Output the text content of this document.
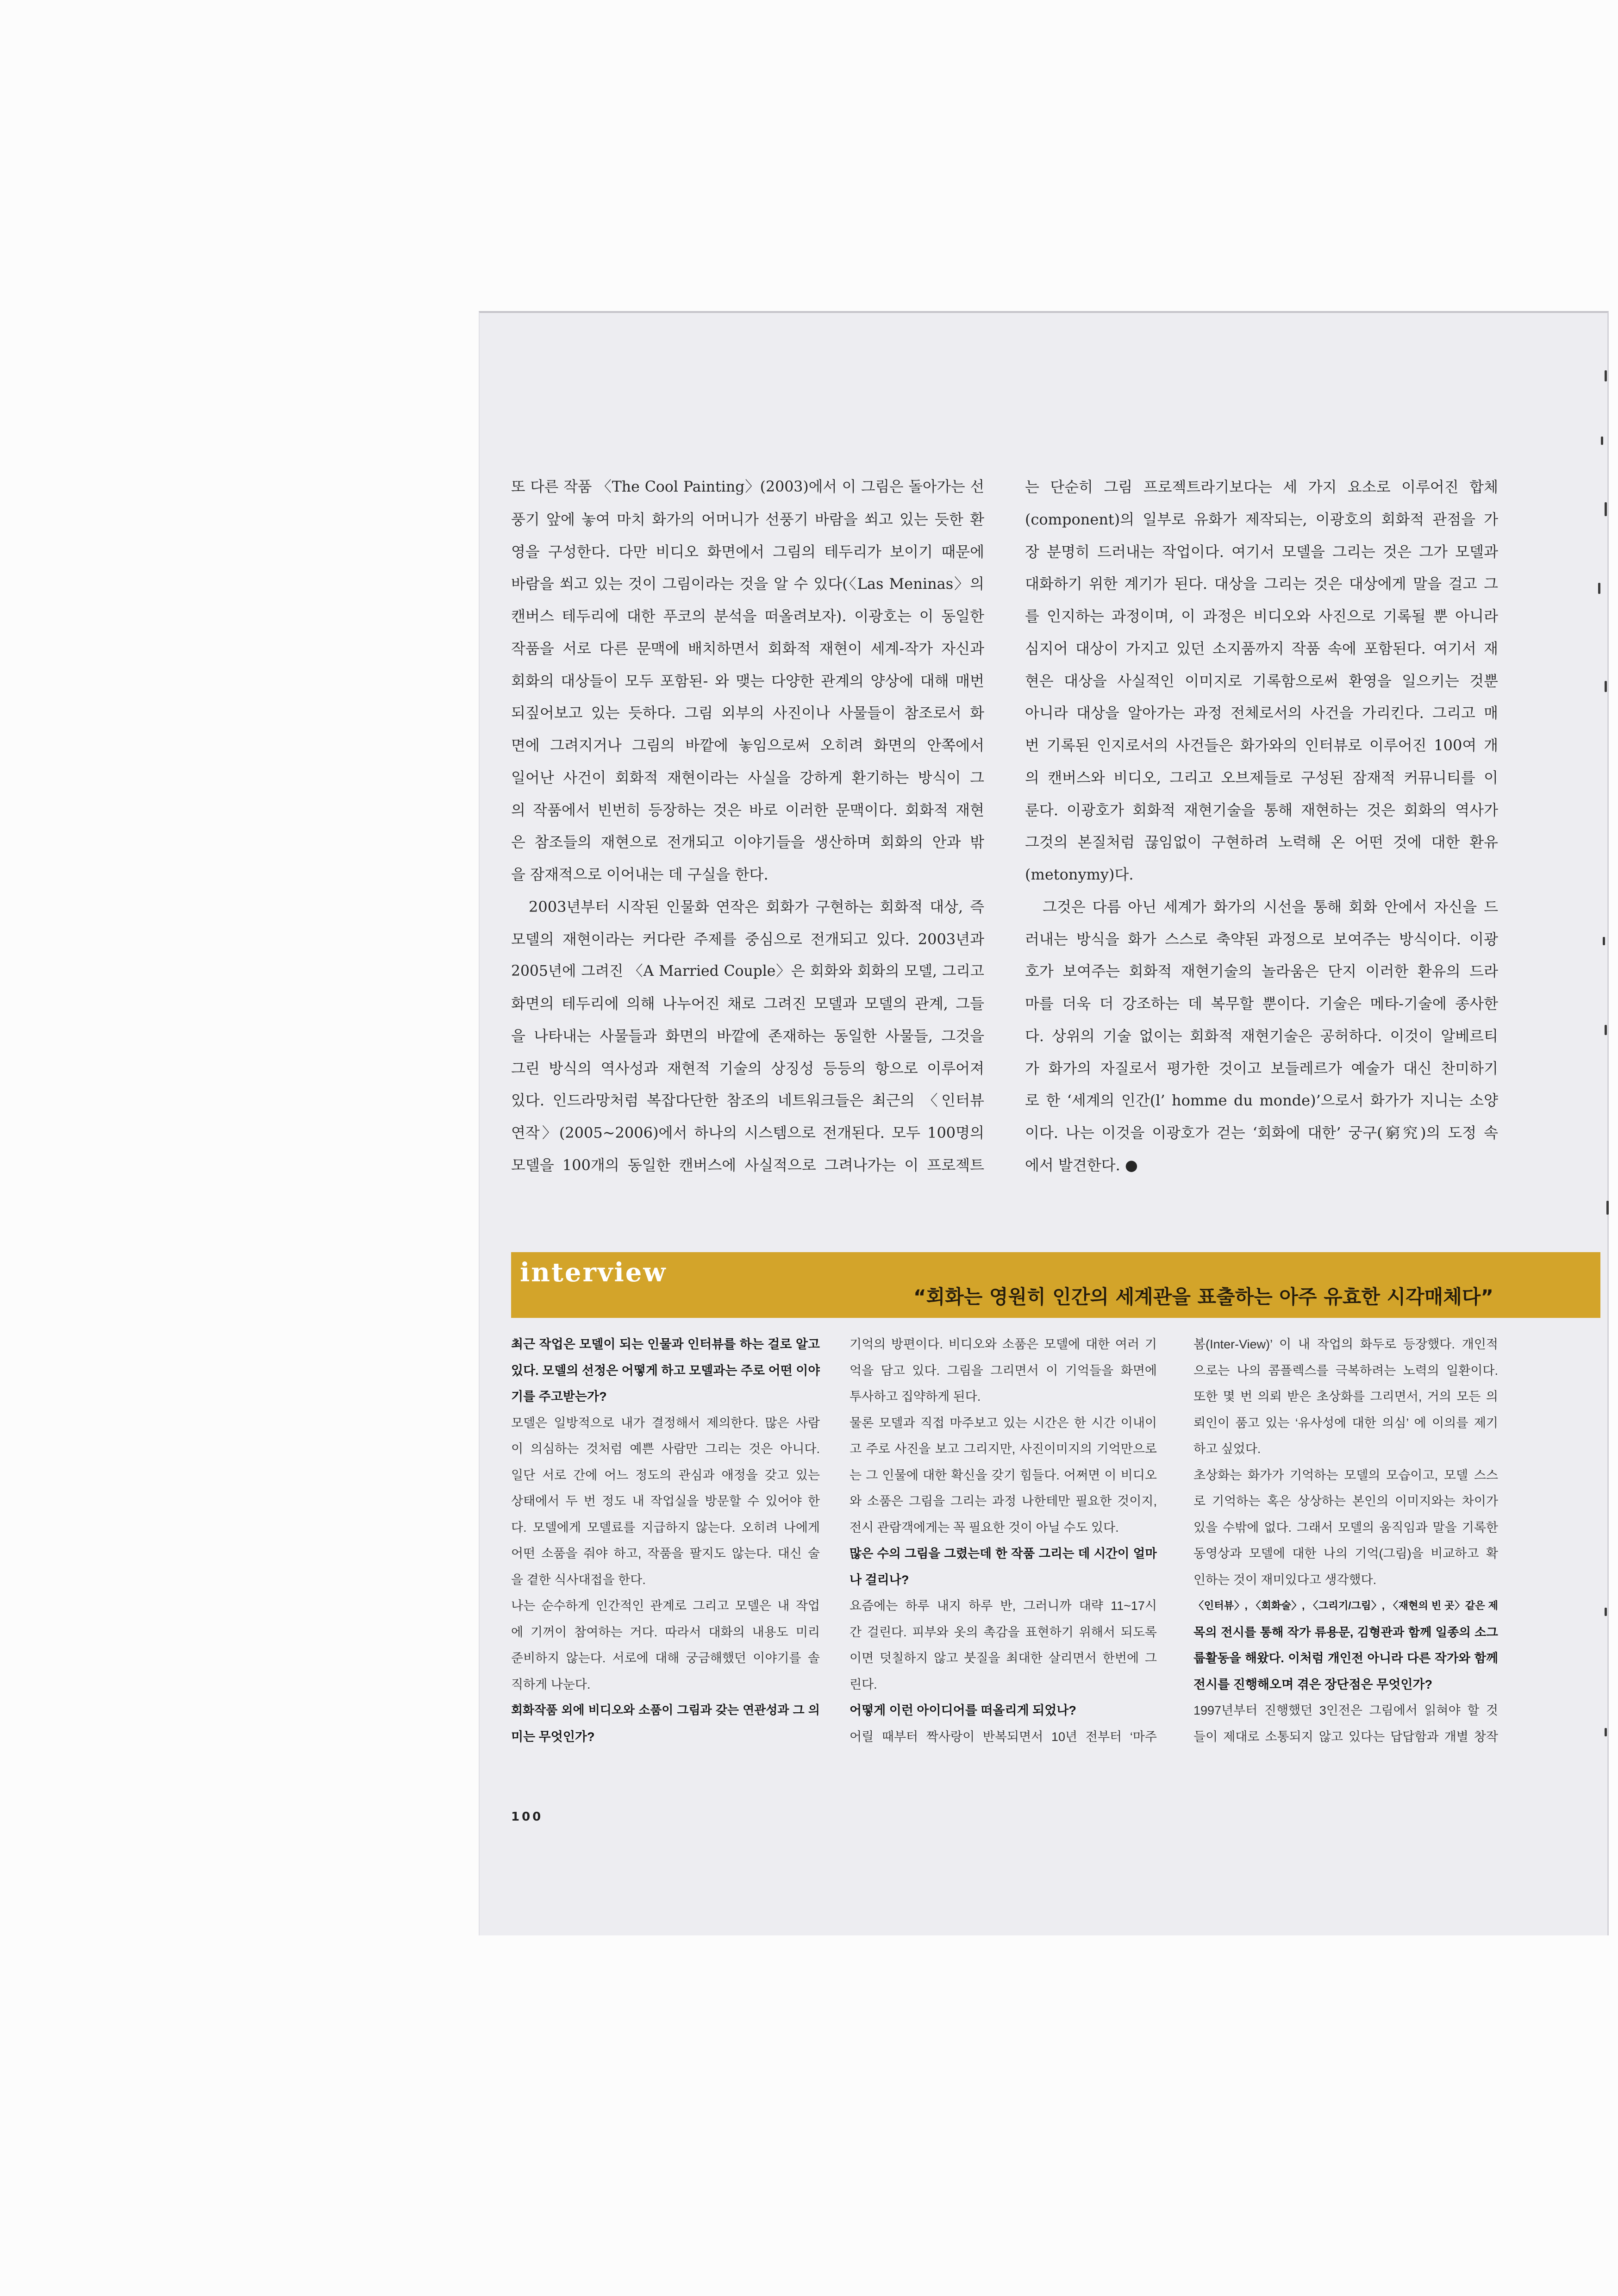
또 다른 작품 〈The Cool Painting〉(2003)에서 이 그림은 돌아가는 선
풍기 앞에 놓여 마치 화가의 어머니가 선풍기 바람을 쐬고 있는 듯한 환
영을 구성한다. 다만 비디오 화면에서 그림의 테두리가 보이기 때문에
바람을 쐬고 있는 것이 그림이라는 것을 알 수 있다(〈Las Meninas〉의
캔버스 테두리에 대한 푸코의 분석을 떠올려보자). 이광호는 이 동일한
작품을 서로 다른 문맥에 배치하면서 회화적 재현이 세계-작가 자신과
회화의 대상들이 모두 포함된- 와 맺는 다양한 관계의 양상에 대해 매번
되짚어보고 있는 듯하다. 그림 외부의 사진이나 사물들이 참조로서 화
면에 그려지거나 그림의 바깥에 놓임으로써 오히려 화면의 안쪽에서
일어난 사건이 회화적 재현이라는 사실을 강하게 환기하는 방식이 그
의 작품에서 빈번히 등장하는 것은 바로 이러한 문맥이다. 회화적 재현
은 참조들의 재현으로 전개되고 이야기들을 생산하며 회화의 안과 밖
을 잠재적으로 이어내는 데 구실을 한다.
2003년부터 시작된 인물화 연작은 회화가 구현하는 회화적 대상, 즉
모델의 재현이라는 커다란 주제를 중심으로 전개되고 있다. 2003년과
2005년에 그려진 〈A Married Couple〉은 회화와 회화의 모델, 그리고
화면의 테두리에 의해 나누어진 채로 그려진 모델과 모델의 관계, 그들
을 나타내는 사물들과 화면의 바깥에 존재하는 동일한 사물들, 그것을
그린 방식의 역사성과 재현적 기술의 상징성 등등의 항으로 이루어져
있다. 인드라망처럼 복잡다단한 참조의 네트워크들은 최근의 〈인터뷰
연작〉(2005~2006)에서 하나의 시스템으로 전개된다. 모두 100명의
모델을 100개의 동일한 캔버스에 사실적으로 그려나가는 이 프로젝트
는 단순히 그림 프로젝트라기보다는 세 가지 요소로 이루어진 합체
(component)의 일부로 유화가 제작되는, 이광호의 회화적 관점을 가
장 분명히 드러내는 작업이다. 여기서 모델을 그리는 것은 그가 모델과
대화하기 위한 계기가 된다. 대상을 그리는 것은 대상에게 말을 걸고 그
를 인지하는 과정이며, 이 과정은 비디오와 사진으로 기록될 뿐 아니라
심지어 대상이 가지고 있던 소지품까지 작품 속에 포함된다. 여기서 재
현은 대상을 사실적인 이미지로 기록함으로써 환영을 일으키는 것뿐
아니라 대상을 알아가는 과정 전체로서의 사건을 가리킨다. 그리고 매
번 기록된 인지로서의 사건들은 화가와의 인터뷰로 이루어진 100여 개
의 캔버스와 비디오, 그리고 오브제들로 구성된 잠재적 커뮤니티를 이
룬다. 이광호가 회화적 재현기술을 통해 재현하는 것은 회화의 역사가
그것의 본질처럼 끊임없이 구현하려 노력해 온 어떤 것에 대한 환유
(metonymy)다.
그것은 다름 아닌 세계가 화가의 시선을 통해 회화 안에서 자신을 드
러내는 방식을 화가 스스로 축약된 과정으로 보여주는 방식이다. 이광
호가 보여주는 회화적 재현기술의 놀라움은 단지 이러한 환유의 드라
마를 더욱 더 강조하는 데 복무할 뿐이다. 기술은 메타-기술에 종사한
다. 상위의 기술 없이는 회화적 재현기술은 공허하다. 이것이 알베르티
가 화가의 자질로서 평가한 것이고 보들레르가 예술가 대신 찬미하기
로 한 ‘세계의 인간(l’ homme du monde)’으로서 화가가 지니는 소양
이다. 나는 이것을 이광호가 걷는 ‘회화에 대한’ 궁구(窮究)의 도정 속
에서 발견한다. ●
interview
“회화는 영원히 인간의 세계관을 표출하는 아주 유효한 시각매체다”
최근 작업은 모델이 되는 인물과 인터뷰를 하는 걸로 알고
있다. 모델의 선정은 어떻게 하고 모델과는 주로 어떤 이야
기를 주고받는가?
모델은 일방적으로 내가 결정해서 제의한다. 많은 사람
이 의심하는 것처럼 예쁜 사람만 그리는 것은 아니다.
일단 서로 간에 어느 정도의 관심과 애정을 갖고 있는
상태에서 두 번 정도 내 작업실을 방문할 수 있어야 한
다. 모델에게 모델료를 지급하지 않는다. 오히려 나에게
어떤 소품을 줘야 하고, 작품을 팔지도 않는다. 대신 술
을 곁한 식사대접을 한다.
나는 순수하게 인간적인 관계로 그리고 모델은 내 작업
에 기꺼이 참여하는 거다. 따라서 대화의 내용도 미리
준비하지 않는다. 서로에 대해 궁금해했던 이야기를 솔
직하게 나눈다.
회화작품 외에 비디오와 소품이 그림과 갖는 연관성과 그 의
미는 무엇인가?
기억의 방편이다. 비디오와 소품은 모델에 대한 여러 기
억을 담고 있다. 그림을 그리면서 이 기억들을 화면에
투사하고 집약하게 된다.
물론 모델과 직접 마주보고 있는 시간은 한 시간 이내이
고 주로 사진을 보고 그리지만, 사진이미지의 기억만으로
는 그 인물에 대한 확신을 갖기 힘들다. 어쩌면 이 비디오
와 소품은 그림을 그리는 과정 나한테만 필요한 것이지,
전시 관람객에게는 꼭 필요한 것이 아닐 수도 있다.
많은 수의 그림을 그렸는데 한 작품 그리는 데 시간이 얼마
나 걸리나?
요즘에는 하루 내지 하루 반, 그러니까 대략 11~17시
간 걸린다. 피부와 옷의 촉감을 표현하기 위해서 되도록
이면 덧칠하지 않고 붓질을 최대한 살리면서 한번에 그
린다.
어떻게 이런 아이디어를 떠올리게 되었나?
어릴 때부터 짝사랑이 반복되면서 10년 전부터 ‘마주
봄(Inter-View)’ 이 내 작업의 화두로 등장했다. 개인적
으로는 나의 콤플렉스를 극복하려는 노력의 일환이다.
또한 몇 번 의뢰 받은 초상화를 그리면서, 거의 모든 의
뢰인이 품고 있는 ‘유사성에 대한 의심’ 에 이의를 제기
하고 싶었다.
초상화는 화가가 기억하는 모델의 모습이고, 모델 스스
로 기억하는 혹은 상상하는 본인의 이미지와는 차이가
있을 수밖에 없다. 그래서 모델의 움직임과 말을 기록한
동영상과 모델에 대한 나의 기억(그림)을 비교하고 확
인하는 것이 재미있다고 생각했다.
〈인터뷰〉, 〈회화술〉, 〈그리기/그림〉, 〈재현의 빈 곳〉같은 제
목의 전시를 통해 작가 류용문, 김형관과 함께 일종의 소그
룹활동을 해왔다. 이처럼 개인전 아니라 다른 작가와 함께
전시를 진행해오며 겪은 장단점은 무엇인가?
1997년부터 진행했던 3인전은 그림에서 읽혀야 할 것
들이 제대로 소통되지 않고 있다는 답답함과 개별 창작
100
